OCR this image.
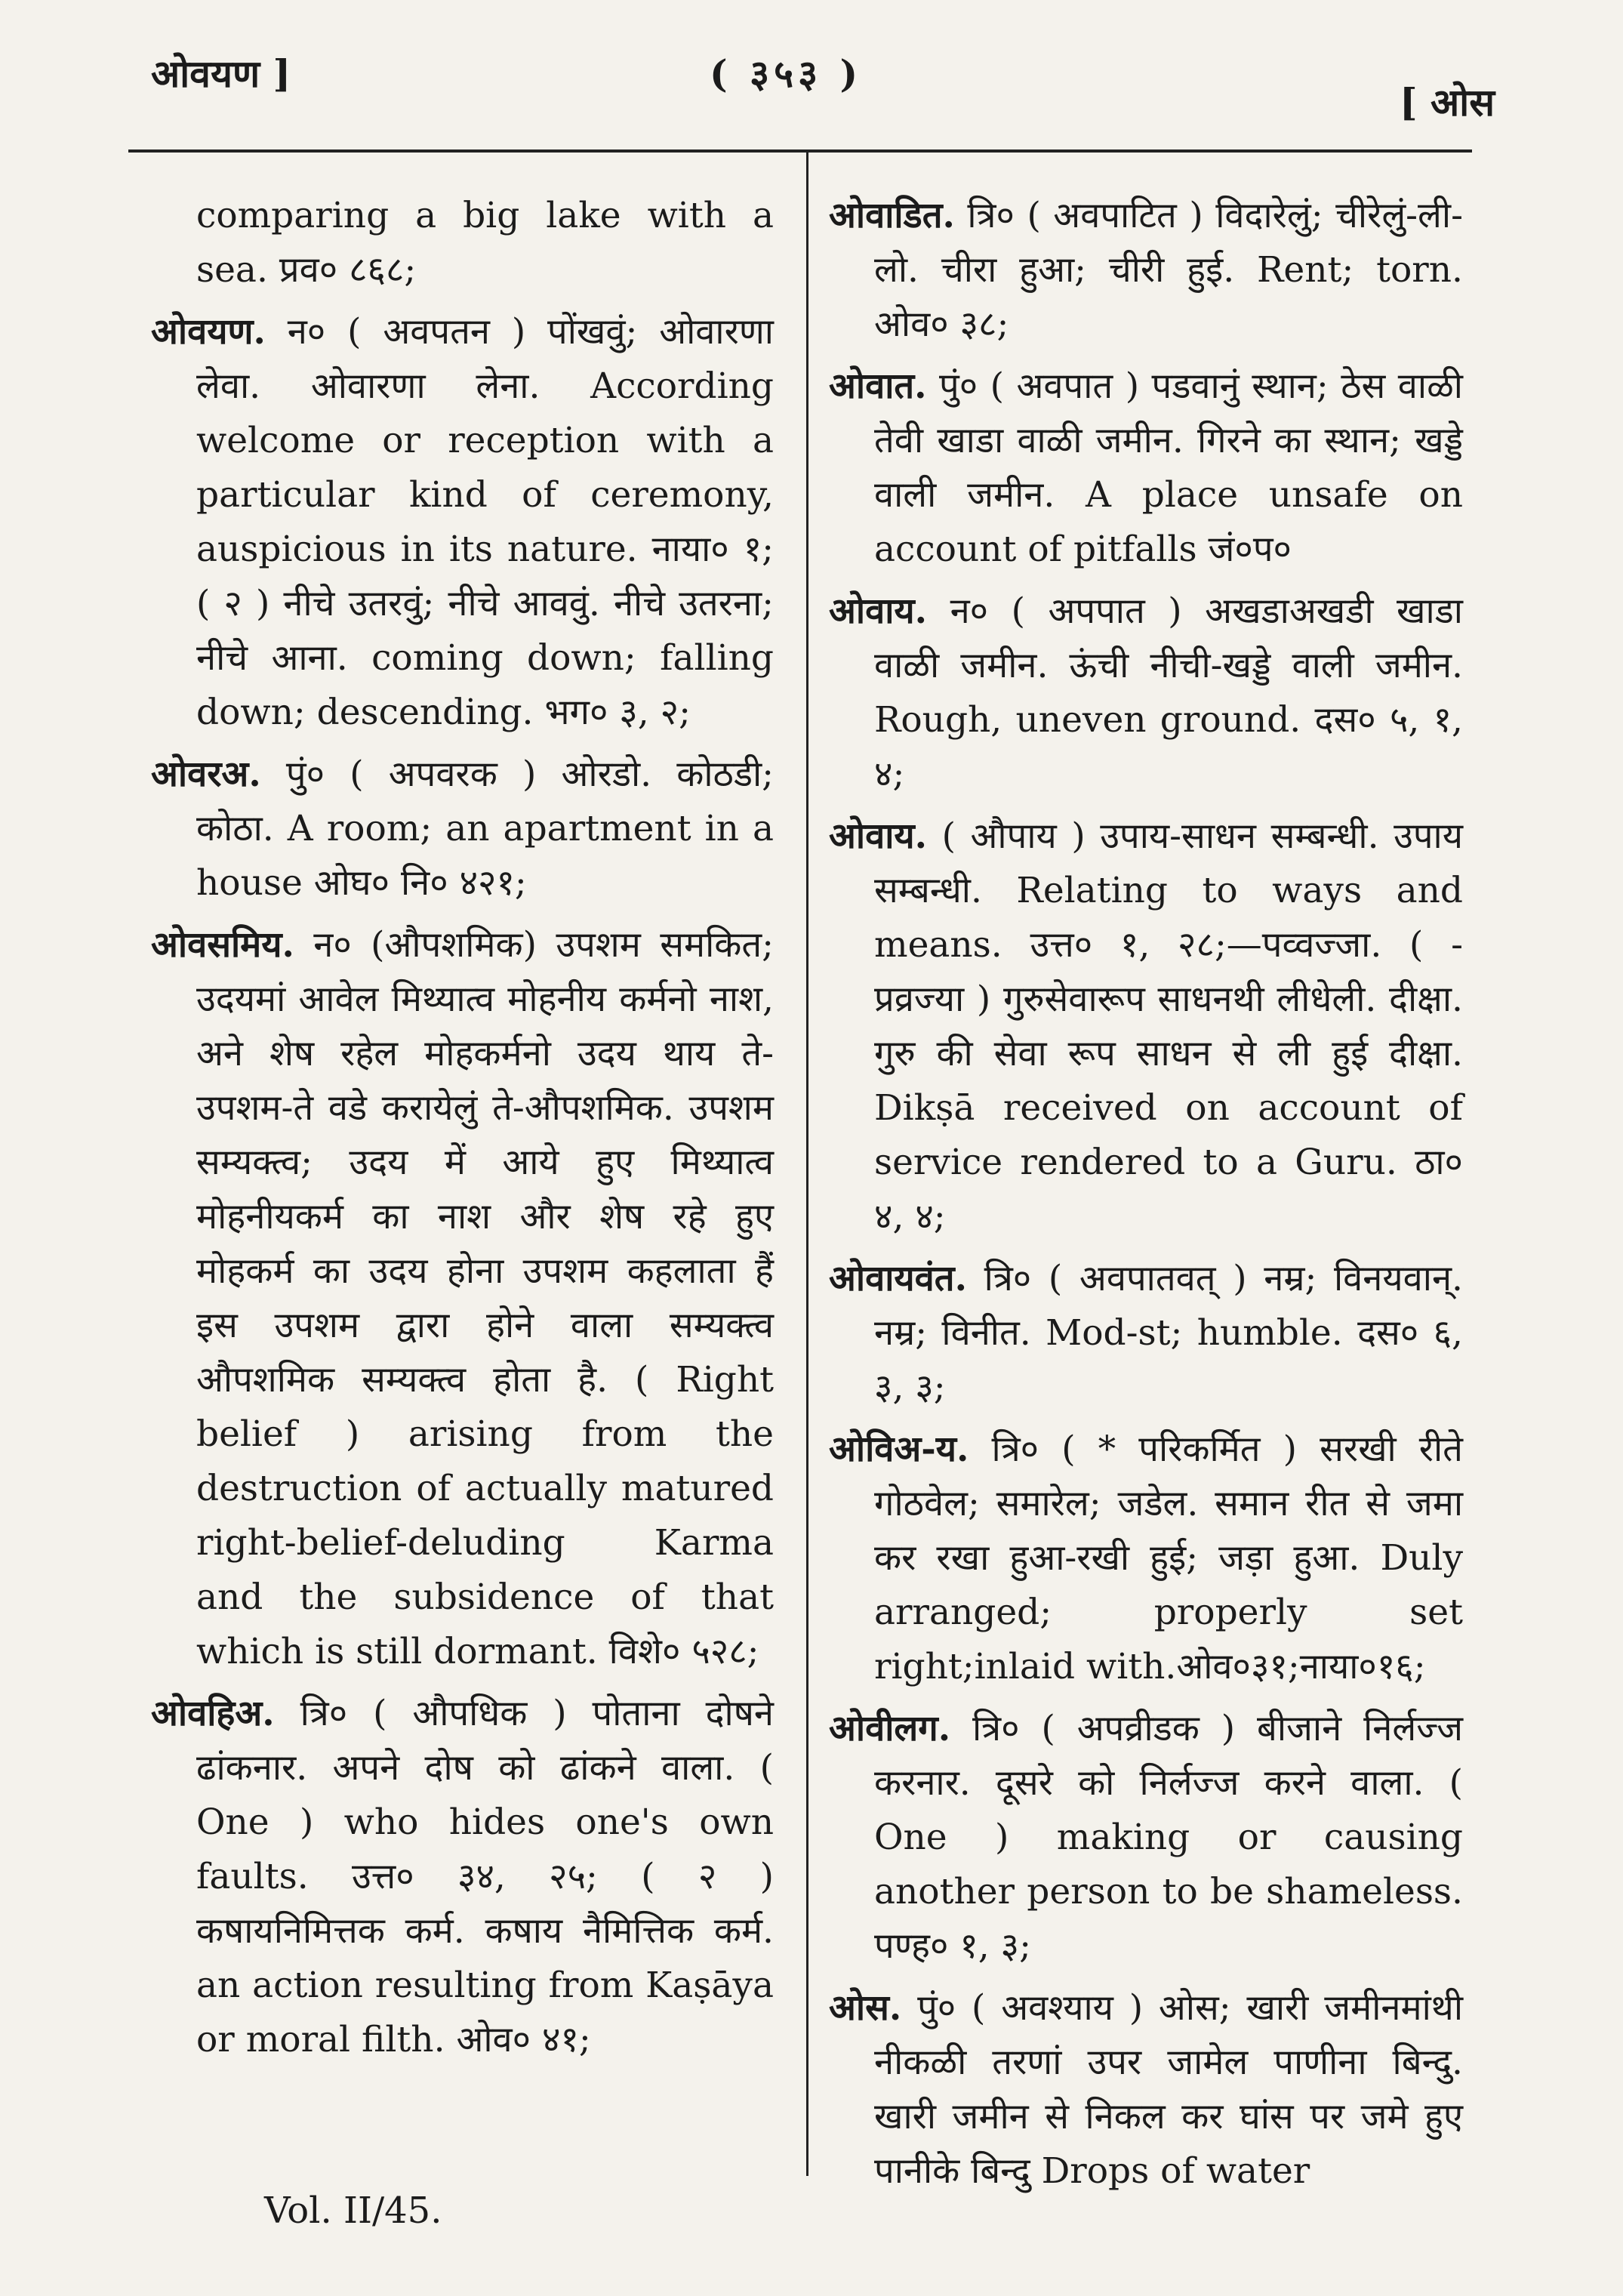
ओवयण ]	( ३५३ )
[ ओस

comparing a big lake with a sea. प्रव० ८६८;

ओवयण. न० ( अवपतन ) पोंखवुं; ओवारणा लेवा. ओवारणा लेना. According welcome or reception with a particular kind of ceremony, auspicious in its nature. नाया० १; ( २ ) नीचे उतरवुं; नीचे आववुं. नीचे उतरना; नीचे आना. coming down; falling down; descending. भग० ३, २;

ओवरअ. पुं० ( अपवरक ) ओरडो. कोठडी; कोठा. A room; an apartment in a house ओघ० नि० ४२१;

ओवसमिय. न० (औपशमिक) उपशम समकित; उदयमां आवेल मिथ्यात्व मोहनीय कर्मनो नाश, अने शेष रहेल मोहकर्मनो उदय थाय ते-उपशम-ते वडे करायेलुं ते-औपशमिक. उपशम सम्यक्त्व; उदय में आये हुए मिथ्यात्व मोहनीयकर्म का नाश और शेष रहे हुए मोहकर्म का उदय होना उपशम कहलाता हैं इस उपशम द्वारा होने वाला सम्यक्त्व औपशमिक सम्यक्त्व होता है. ( Right belief ) arising from the destruction of actually matured right-belief-deluding Karma and the subsidence of that which is still dormant. विशे० ५२८;

ओवहिअ. त्रि० ( औपधिक ) पोताना दोषने ढांकनार. अपने दोष को ढांकने वाला. ( One ) who hides one's own faults. उत्त० ३४, २५; ( २ ) कषायनिमित्तक कर्म. कषाय नैमित्तिक कर्म. an action resulting from Kaṣāya or moral filth. ओव० ४१;

ओवाडित. त्रि० ( अवपाटित ) विदारेलुं; चीरेलुं-ली-लो. चीरा हुआ; चीरी हुई. Rent; torn. ओव० ३८;

ओवात. पुं० ( अवपात ) पडवानुं स्थान; ठेस वाळी तेवी खाडा वाळी जमीन. गिरने का स्थान; खड्डे वाली जमीन. A place unsafe on account of pitfalls जं०प०

ओवाय. न० ( अपपात ) अखडाअखडी खाडा वाळी जमीन. ऊंची नीची-खड्डे वाली जमीन. Rough, uneven ground. दस० ५, १, ४;

ओवाय. ( औपाय ) उपाय-साधन सम्बन्धी. उपाय सम्बन्धी. Relating to ways and means. उत्त० १, २८;—पव्वज्जा. ( -प्रव्रज्या ) गुरुसेवारूप साधनथी लीधेली. दीक्षा. गुरु की सेवा रूप साधन से ली हुई दीक्षा. Dikṣā received on account of service rendered to a Guru. ठा० ४, ४;

ओवायवंत. त्रि० ( अवपातवत् ) नम्र; विनयवान्. नम्र; विनीत. Mod-st; humble. दस० ६, ३, ३;

ओविअ-य. त्रि० ( * परिकर्मित ) सरखी रीते गोठवेल; समारेल; जडेल. समान रीत से जमा कर रखा हुआ-रखी हुई; जड़ा हुआ. Duly arranged; properly set right;inlaid with.ओव०३१;नाया०१६;

ओवीलग. त्रि० ( अपव्रीडक ) बीजाने निर्लज्ज करनार. दूसरे को निर्लज्ज करने वाला. ( One ) making or causing another person to be shameless. पण्ह० १, ३;

ओस. पुं० ( अवश्याय ) ओस; खारी जमीनमांथी नीकळी तरणां उपर जामेल पाणीना बिन्दु. खारी जमीन से निकल कर घांस पर जमे हुए पानीके बिन्दु Drops of water

Vol. II/45.
